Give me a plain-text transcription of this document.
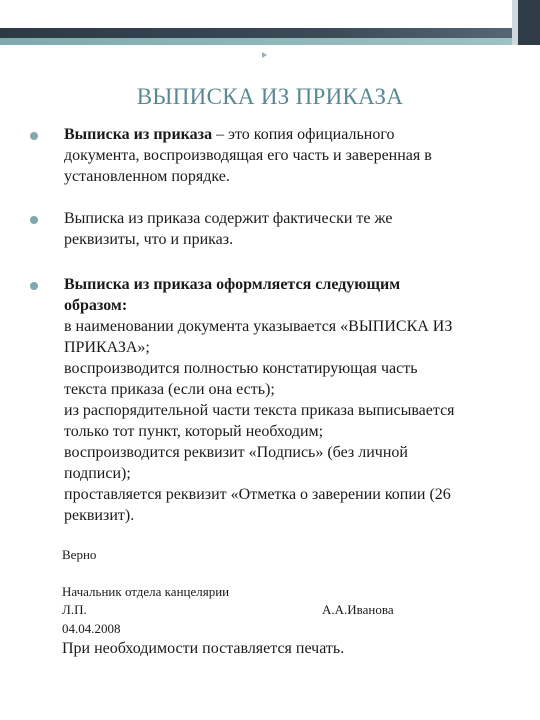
ВЫПИСКА ИЗ ПРИКАЗА
Выписка из приказа – это копия официального
документа, воспроизводящая его часть и заверенная в
установленном порядке.
Выписка из приказа содержит фактически те же
реквизиты, что и приказ.
Выписка из приказа оформляется следующим
образом:
в наименовании документа указывается «ВЫПИСКА ИЗ
ПРИКАЗА»;
воспроизводится полностью констатирующая часть
текста приказа (если она есть);
из распорядительной части текста приказа выписывается
только тот пункт, который необходим;
воспроизводится реквизит «Подпись» (без личной
подписи);
проставляется реквизит «Отметка о заверении копии (26
реквизит).
Верно
Начальник отдела канцелярии
Л.П.	А.А.Иванова
04.04.2008
При необходимости поставляется печать.
